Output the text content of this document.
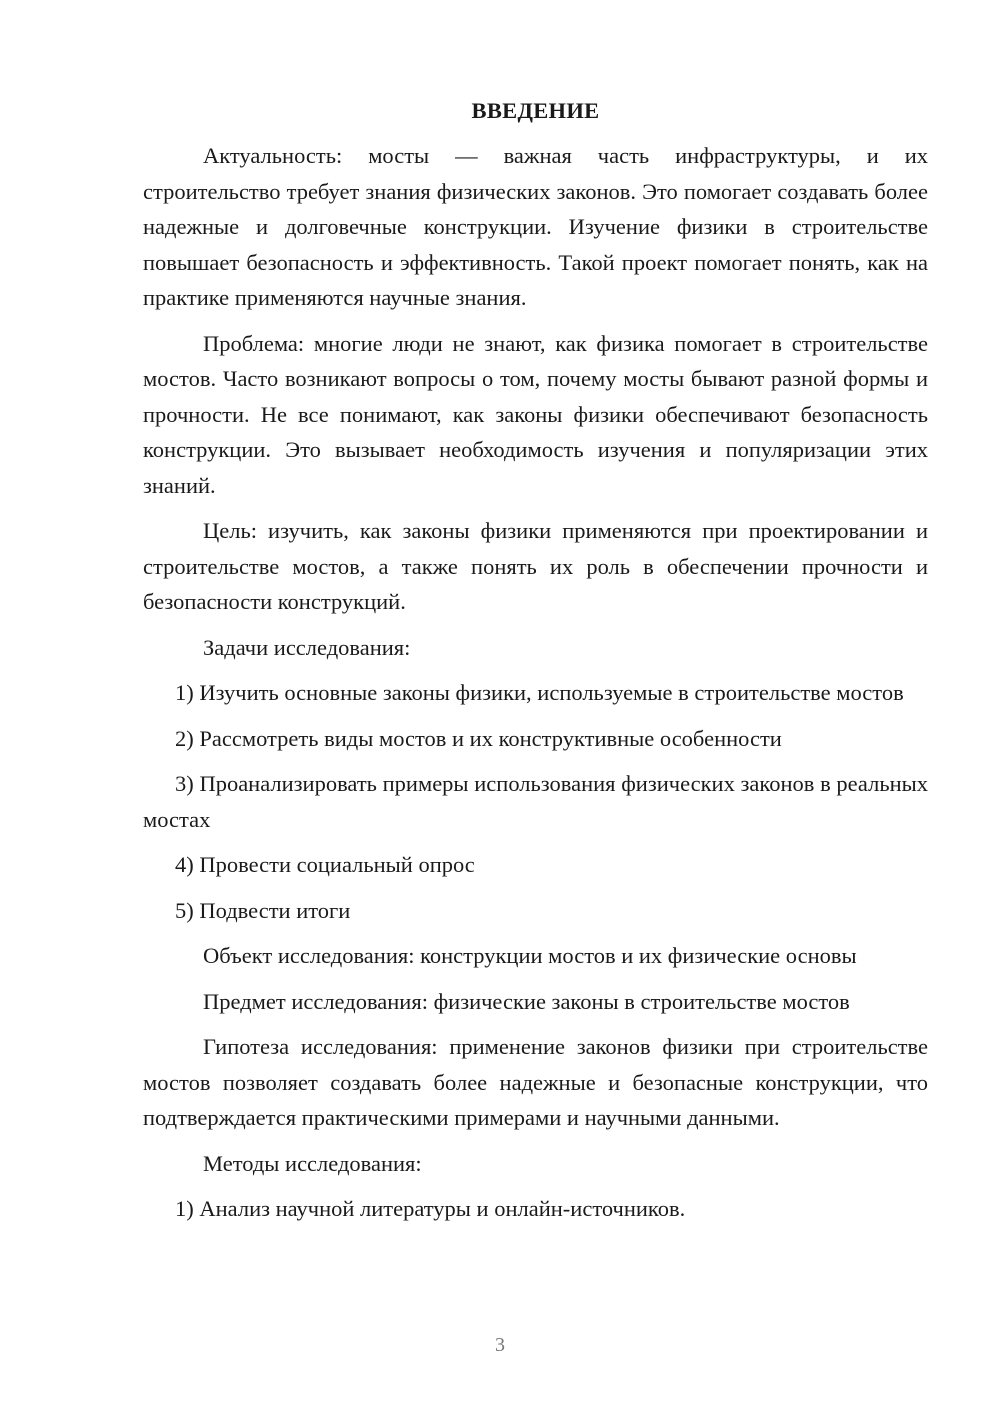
ВВЕДЕНИЕ

Актуальность: мосты — важная часть инфраструктуры, и их строительство требует знания физических законов. Это помогает создавать более надежные и долговечные конструкции. Изучение физики в строительстве повышает безопасность и эффективность. Такой проект помогает понять, как на практике применяются научные знания.

Проблема: многие люди не знают, как физика помогает в строительстве мостов. Часто возникают вопросы о том, почему мосты бывают разной формы и прочности. Не все понимают, как законы физики обеспечивают безопасность конструкции. Это вызывает необходимость изучения и популяризации этих знаний.

Цель: изучить, как законы физики применяются при проектировании и строительстве мостов, а также понять их роль в обеспечении прочности и безопасности конструкций.

Задачи исследования:

1) Изучить основные законы физики, используемые в строительстве мостов

2) Рассмотреть виды мостов и их конструктивные особенности

3) Проанализировать примеры использования физических законов в реальных мостах

4) Провести социальный опрос

5) Подвести итоги

Объект исследования: конструкции мостов и их физические основы

Предмет исследования: физические законы в строительстве мостов

Гипотеза исследования: применение законов физики при строительстве мостов позволяет создавать более надежные и безопасные конструкции, что подтверждается практическими примерами и научными данными.

Методы исследования:

1) Анализ научной литературы и онлайн-источников.

3
